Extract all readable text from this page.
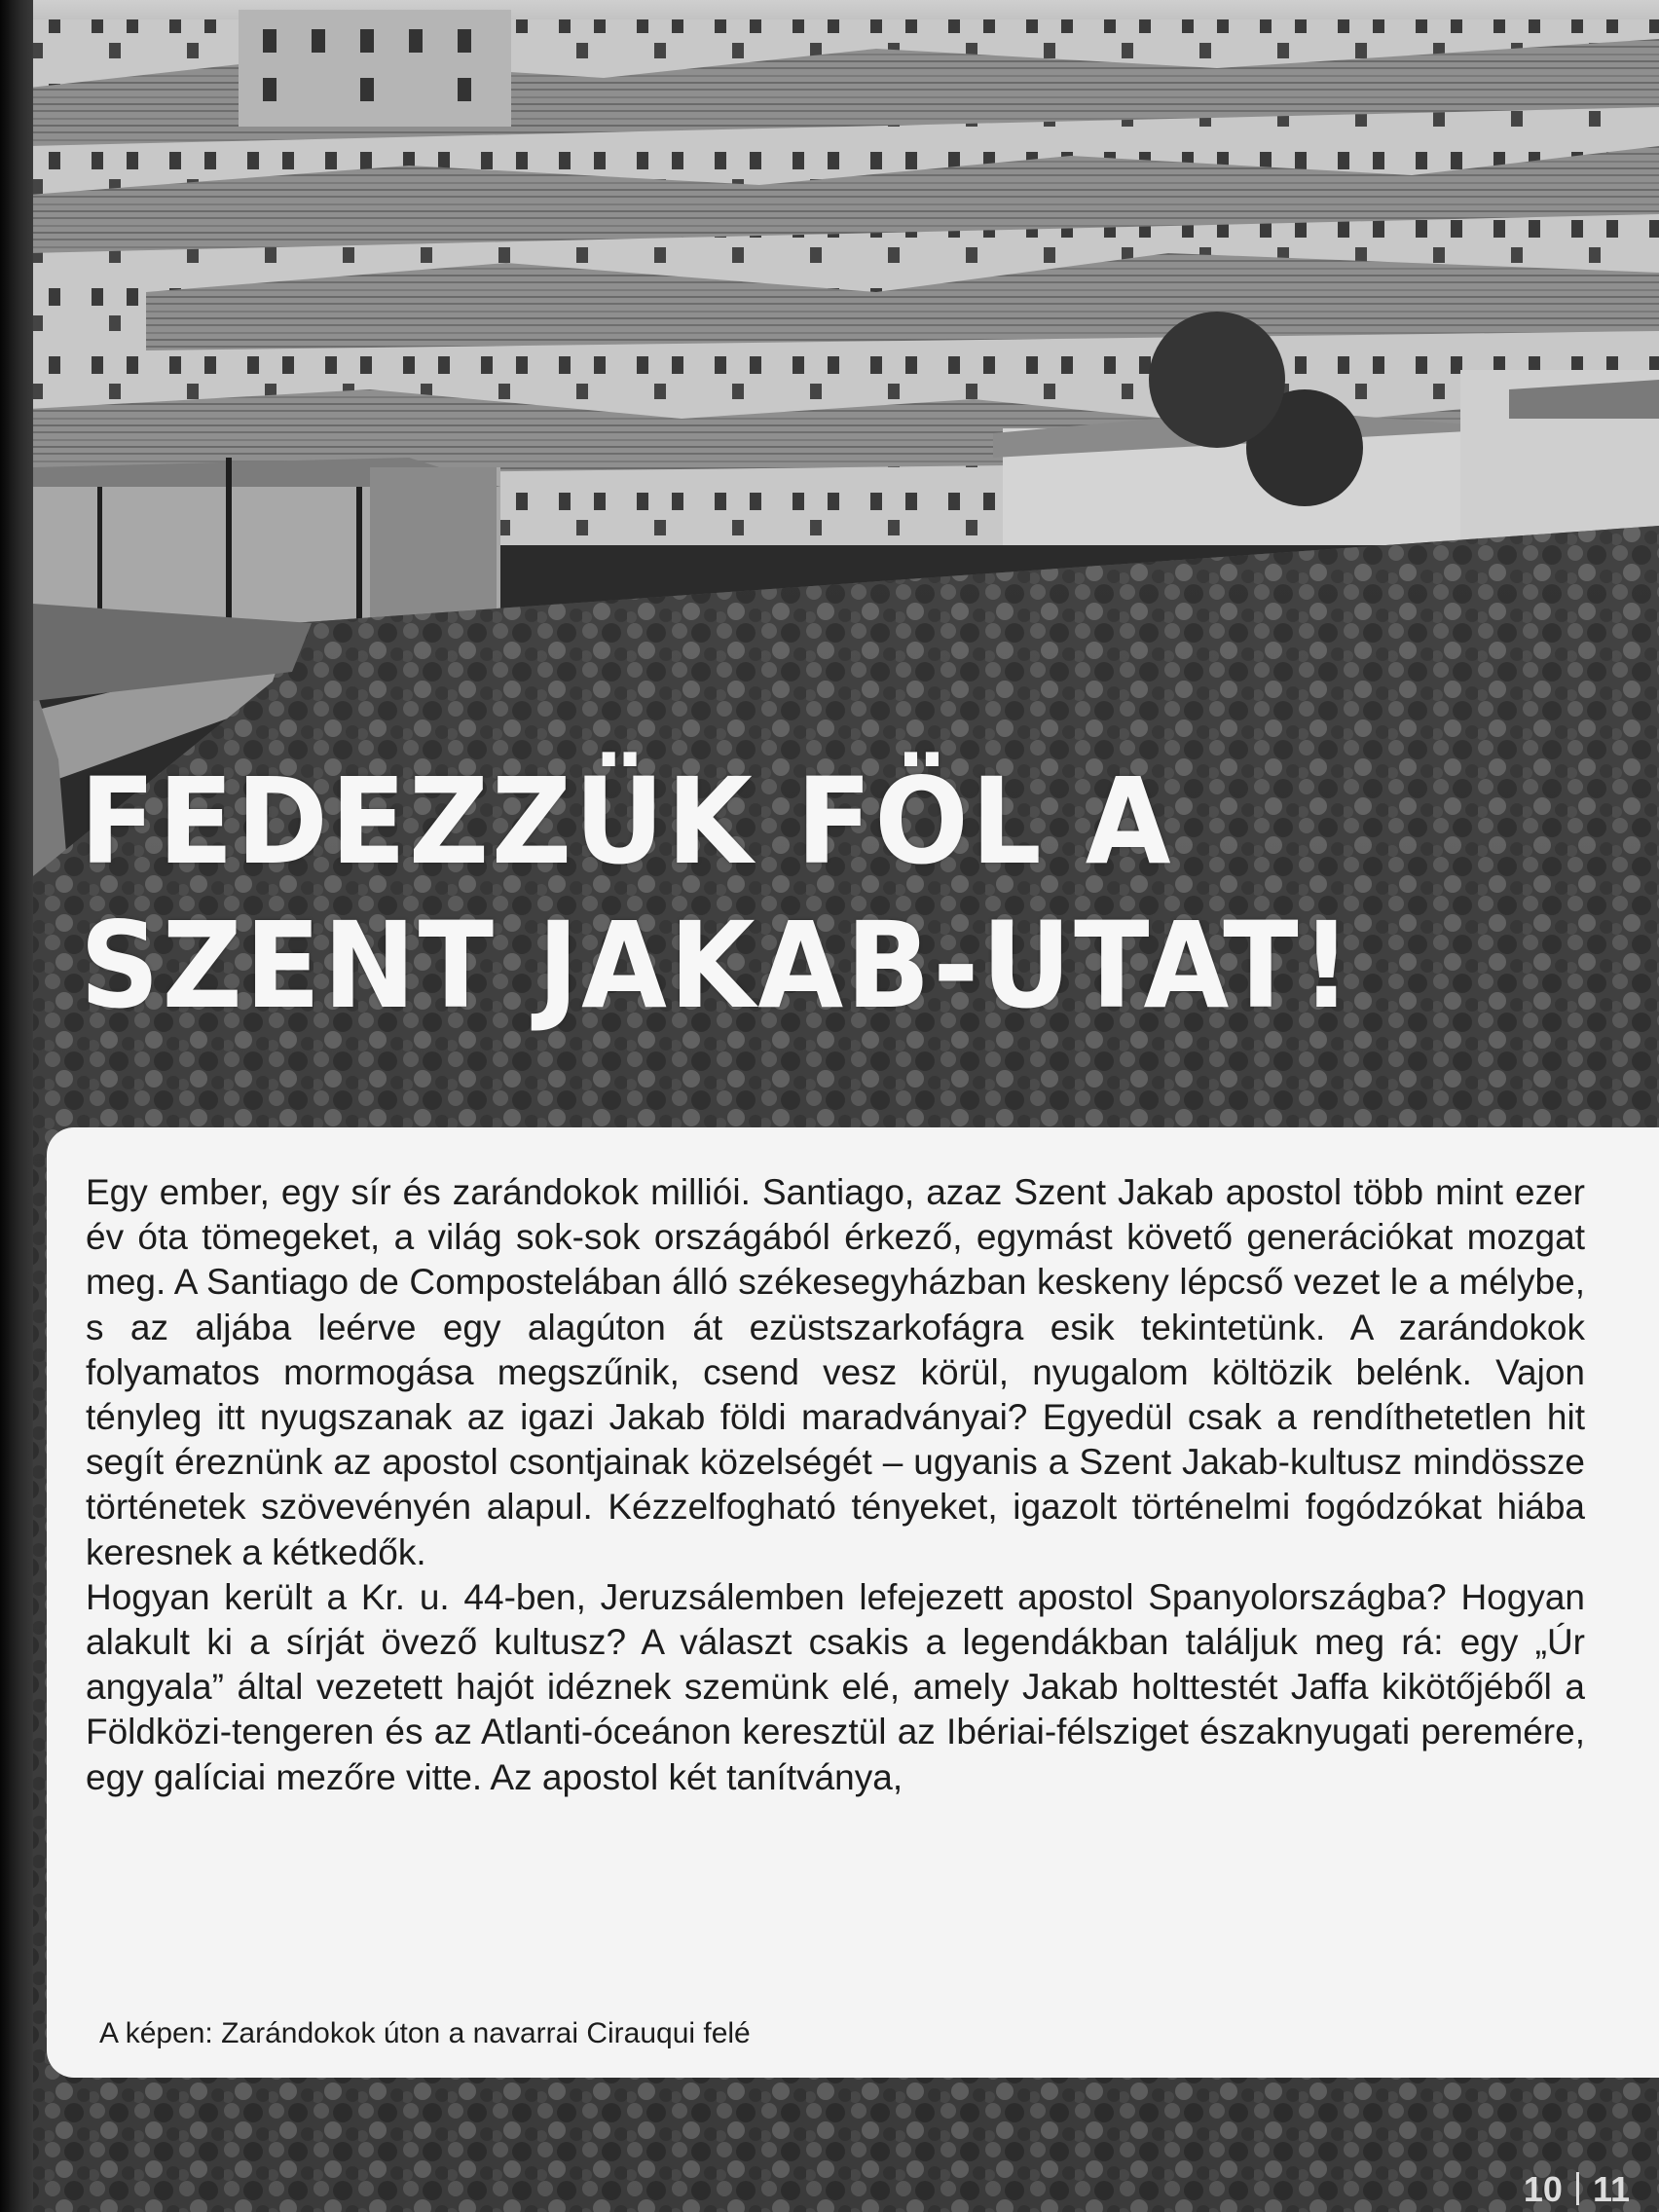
FEDEZZÜK FÖL A
SZENT JAKAB-UTAT!

Egy ember, egy sír és zarándokok milliói. Santiago, azaz Szent Jakab apostol több mint ezer év óta tömegeket, a világ sok-sok országából érkező, egymást követő generációkat mozgat meg. A Santiago de Compostelában álló székesegyházban keskeny lépcső vezet le a mélybe, s az aljába leérve egy alagúton át ezüstszarkofágra esik tekintetünk. A zarándokok folyamatos mormogása megszűnik, csend vesz körül, nyugalom költözik belénk. Vajon tényleg itt nyugszanak az igazi Jakab földi maradványai? Egyedül csak a rendíthetetlen hit segít éreznünk az apostol csontjainak közelségét – ugyanis a Szent Jakab-kultusz mindössze történetek szövevényén alapul. Kézzelfogható tényeket, igazolt történelmi fogódzókat hiába keresnek a kétkedők.

Hogyan került a Kr. u. 44-ben, Jeruzsálemben lefejezett apostol Spanyolországba? Hogyan alakult ki a sírját övező kultusz? A választ csakis a legendákban találjuk meg rá: egy „Úr angyala” által vezetett hajót idéznek szemünk elé, amely Jakab holttestét Jaffa kikötőjéből a Földközi-tengeren és az Atlanti-óceánon keresztül az Ibériai-félsziget északnyugati peremére, egy galíciai mezőre vitte. Az apostol két tanítványa,

A képen: Zarándokok úton a navarrai Cirauqui felé
10 11
